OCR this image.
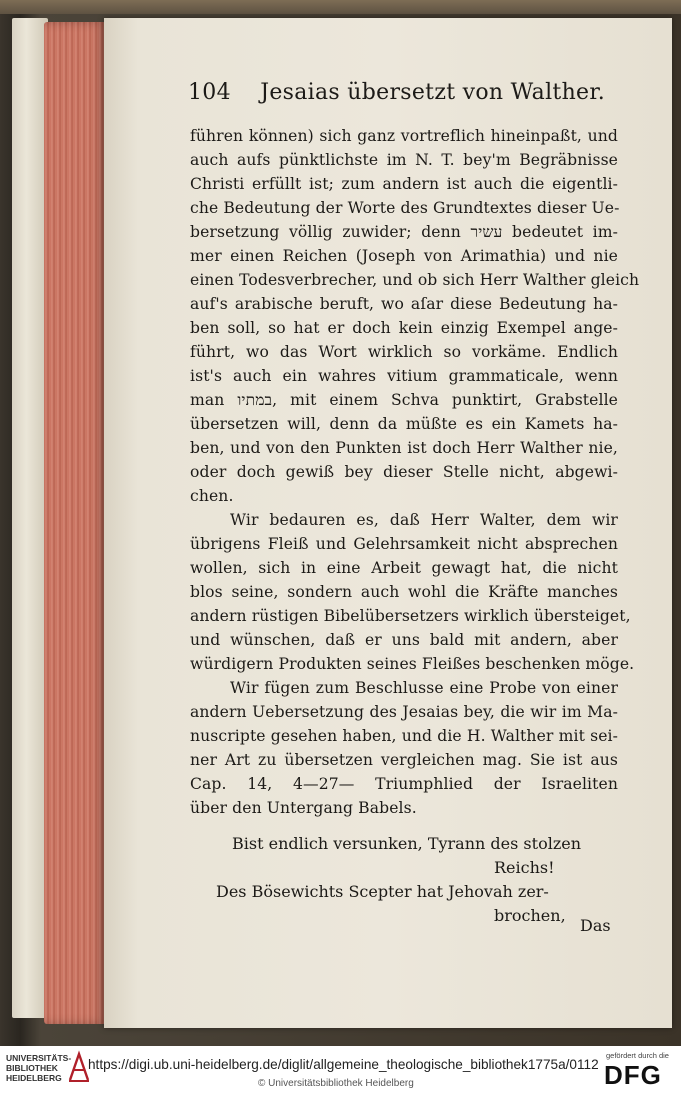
104 Jesaias übersetzt von Walther.
führen können) sich ganz vortreflich hineinpaßt, und
auch aufs pünktlichste im N. T. bey'm Begräbnisse
Christi erfüllt ist; zum andern ist auch die eigentli-
che Bedeutung der Worte des Grundtextes dieser Ue-
bersetzung völlig zuwider; denn עשיר bedeutet im-
mer einen Reichen (Joseph von Arimathia) und nie
einen Todesverbrecher, und ob sich Herr Walther gleich
auf's arabische beruft, wo aſar diese Bedeutung ha-
ben soll, so hat er doch kein einzig Exempel ange-
führt, wo das Wort wirklich so vorkäme. Endlich
ist's auch ein wahres vitium grammaticale, wenn
man במתיו, mit einem Schva punktirt, Grabstelle
übersetzen will, denn da müßte es ein Kamets ha-
ben, und von den Punkten ist doch Herr Walther nie,
oder doch gewiß bey dieser Stelle nicht, abgewi-
chen.
Wir bedauren es, daß Herr Walter, dem wir
übrigens Fleiß und Gelehrsamkeit nicht absprechen
wollen, sich in eine Arbeit gewagt hat, die nicht
blos seine, sondern auch wohl die Kräfte manches
andern rüstigen Bibelübersetzers wirklich übersteiget,
und wünschen, daß er uns bald mit andern, aber
würdigern Produkten seines Fleißes beschenken möge.
Wir fügen zum Beschlusse eine Probe von einer
andern Uebersetzung des Jesaias bey, die wir im Ma-
nuscripte gesehen haben, und die H. Walther mit sei-
ner Art zu übersetzen vergleichen mag. Sie ist aus
Cap. 14, 4—27— Triumphlied der Israeliten
über den Untergang Babels.
Bist endlich versunken, Tyrann des stolzen
Reichs!
Des Bösewichts Scepter hat Jehovah zer-
brochen,
Das
UNIVERSITÄTS-
BIBLIOTHEK
HEIDELBERG
https://digi.ub.uni-heidelberg.de/diglit/allgemeine_theologische_bibliothek1775a/0112
© Universitätsbibliothek Heidelberg
gefördert durch die
DFG
